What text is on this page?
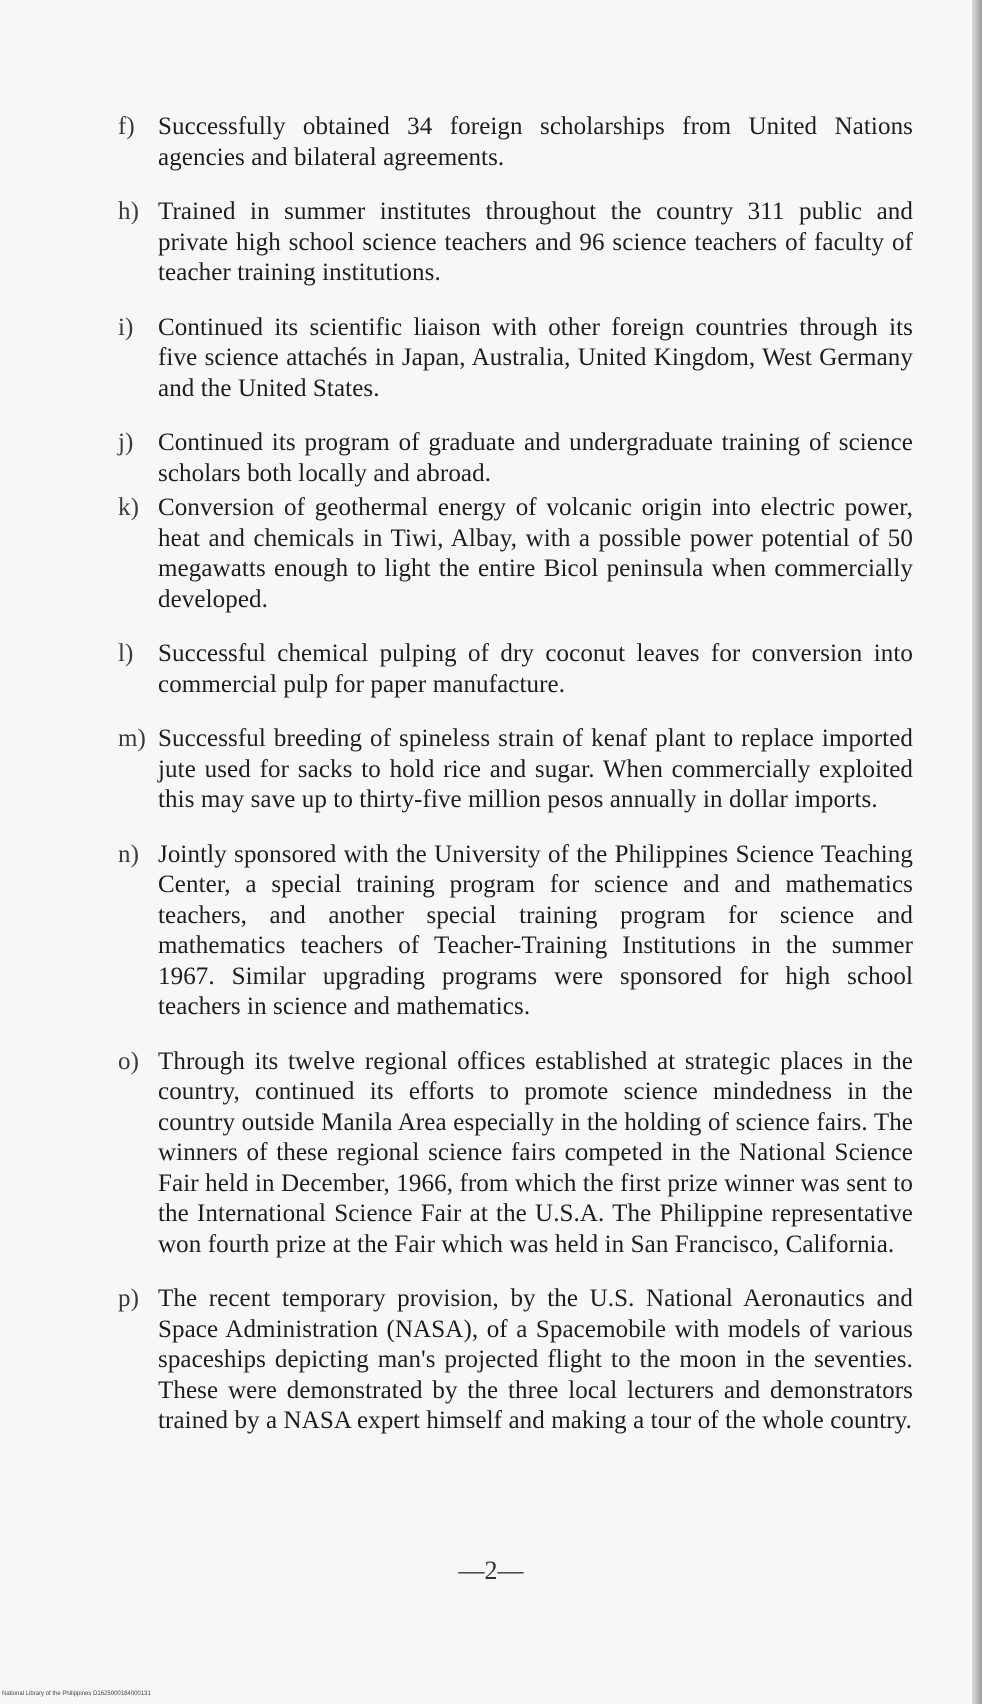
f) Successfully obtained 34 foreign scholarships from United Nations agencies and bilateral agreements.
h) Trained in summer institutes throughout the country 311 public and private high school science teachers and 96 science teachers of faculty of teacher training institutions.
i) Continued its scientific liaison with other foreign countries through its five science attachés in Japan, Australia, United Kingdom, West Germany and the United States.
j) Continued its program of graduate and undergraduate training of science scholars both locally and abroad.
k) Conversion of geothermal energy of volcanic origin into electric power, heat and chemicals in Tiwi, Albay, with a possible power potential of 50 megawatts enough to light the entire Bicol peninsula when commercially developed.
l) Successful chemical pulping of dry coconut leaves for conversion into commercial pulp for paper manufacture.
m) Successful breeding of spineless strain of kenaf plant to replace imported jute used for sacks to hold rice and sugar. When commercially exploited this may save up to thirty-five million pesos annually in dollar imports.
n) Jointly sponsored with the University of the Philippines Science Teaching Center, a special training program for science and and mathematics teachers, and another special training program for science and mathematics teachers of Teacher-Training Institutions in the summer 1967. Similar upgrading programs were sponsored for high school teachers in science and mathematics.
o) Through its twelve regional offices established at strategic places in the country, continued its efforts to promote science mindedness in the country outside Manila Area especially in the holding of science fairs. The winners of these regional science fairs competed in the National Science Fair held in December, 1966, from which the first prize winner was sent to the International Science Fair at the U.S.A. The Philippine representative won fourth prize at the Fair which was held in San Francisco, California.
p) The recent temporary provision, by the U.S. National Aeronautics and Space Administration (NASA), of a Spacemobile with models of various spaceships depicting man's projected flight to the moon in the seventies. These were demonstrated by the three local lecturers and demonstrators trained by a NASA expert himself and making a tour of the whole country.
—2—
National Library of the Philippines D1625000184000131
